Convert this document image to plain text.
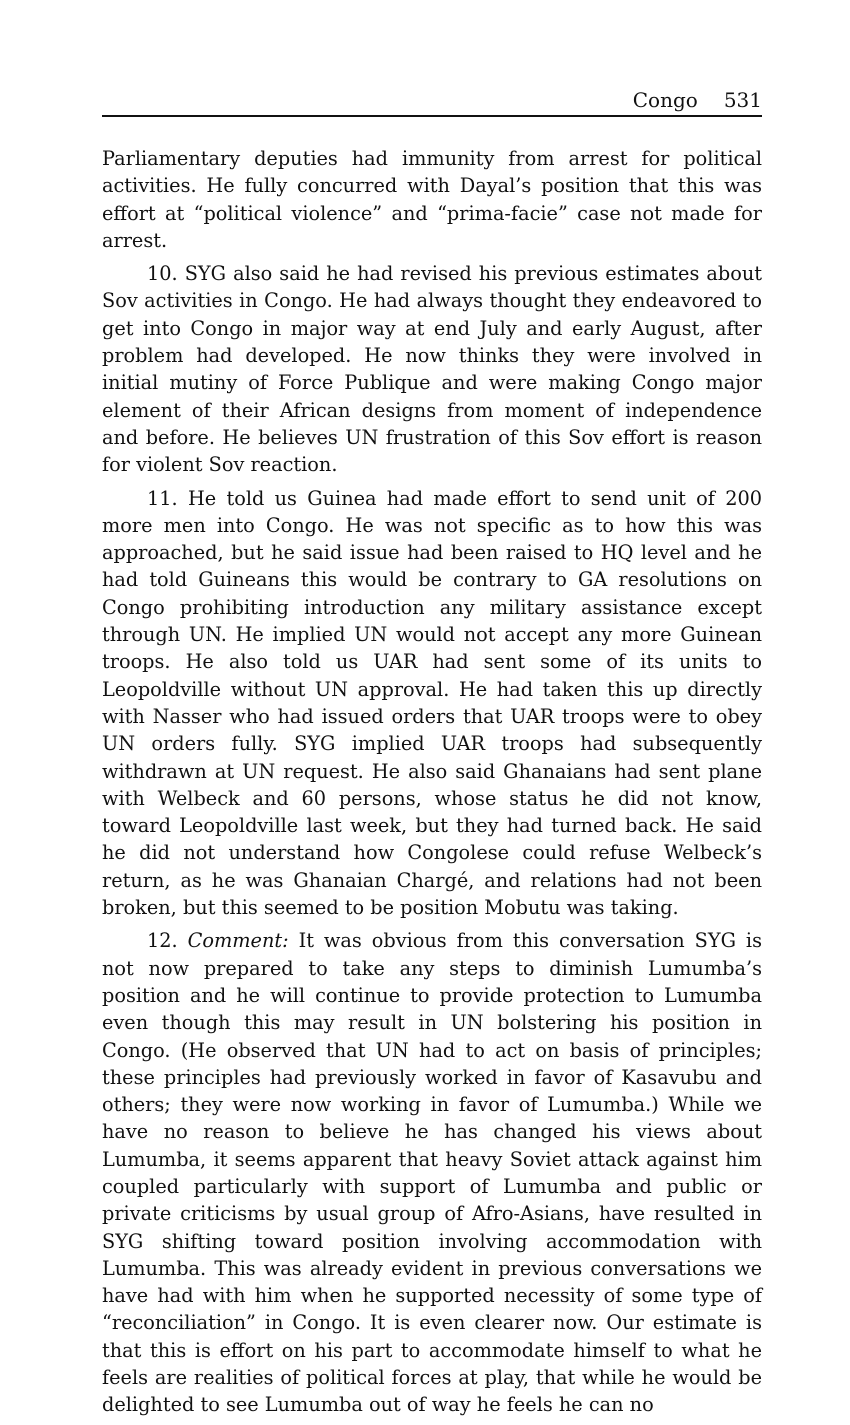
Congo 531

Parliamentary deputies had immunity from arrest for political activities. He fully concurred with Dayal’s position that this was effort at “political violence” and “prima-facie” case not made for arrest.

10. SYG also said he had revised his previous estimates about Sov activities in Congo. He had always thought they endeavored to get into Congo in major way at end July and early August, after problem had developed. He now thinks they were involved in initial mutiny of Force Publique and were making Congo major element of their African designs from moment of independence and before. He believes UN frustration of this Sov effort is reason for violent Sov reaction.

11. He told us Guinea had made effort to send unit of 200 more men into Congo. He was not specific as to how this was approached, but he said issue had been raised to HQ level and he had told Guineans this would be contrary to GA resolutions on Congo prohibiting introduction any military assistance except through UN. He implied UN would not accept any more Guinean troops. He also told us UAR had sent some of its units to Leopoldville without UN approval. He had taken this up directly with Nasser who had issued orders that UAR troops were to obey UN orders fully. SYG implied UAR troops had subsequently withdrawn at UN request. He also said Ghanaians had sent plane with Welbeck and 60 persons, whose status he did not know, toward Leopoldville last week, but they had turned back. He said he did not understand how Congolese could refuse Welbeck’s return, as he was Ghanaian Chargé, and relations had not been broken, but this seemed to be position Mobutu was taking.

12. Comment: It was obvious from this conversation SYG is not now prepared to take any steps to diminish Lumumba’s position and he will continue to provide protection to Lumumba even though this may result in UN bolstering his position in Congo. (He observed that UN had to act on basis of principles; these principles had previously worked in favor of Kasavubu and others; they were now working in favor of Lumumba.) While we have no reason to believe he has changed his views about Lumumba, it seems apparent that heavy Soviet attack against him coupled particularly with support of Lumumba and public or private criticisms by usual group of Afro-Asians, have resulted in SYG shifting toward position involving accommodation with Lumumba. This was already evident in previous conversations we have had with him when he supported necessity of some type of “reconciliation” in Congo. It is even clearer now. Our estimate is that this is effort on his part to accommodate himself to what he feels are realities of political forces at play, that while he would be delighted to see Lumumba out of way he feels he can no
